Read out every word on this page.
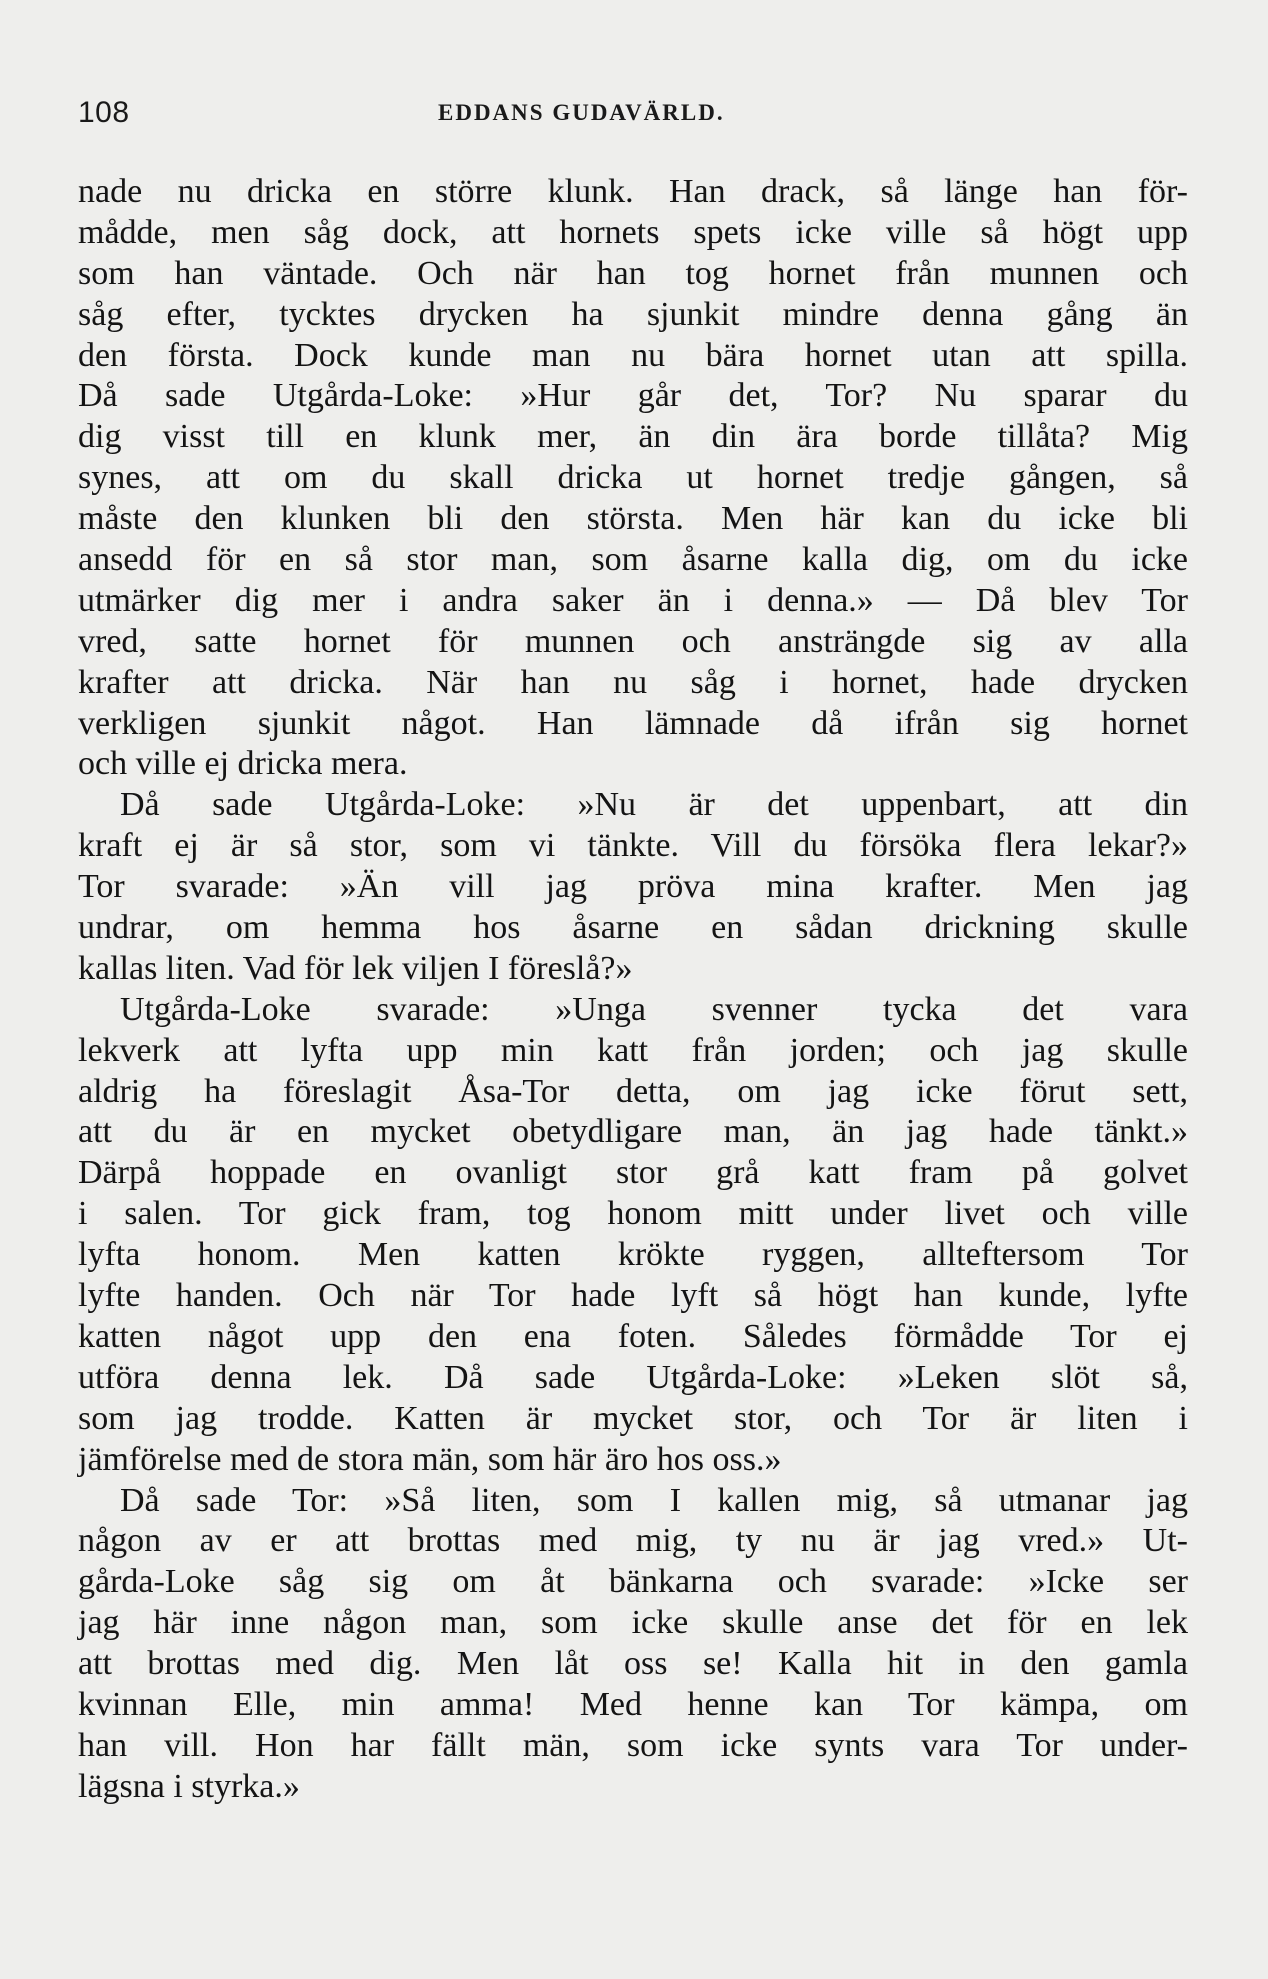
108	EDDANS GUDAVÄRLD.
nade nu dricka en större klunk. Han drack, så länge han för-
mådde, men såg dock, att hornets spets icke ville så högt upp
som han väntade. Och när han tog hornet från munnen och
såg efter, tycktes drycken ha sjunkit mindre denna gång än
den första. Dock kunde man nu bära hornet utan att spilla.
Då sade Utgårda-Loke: »Hur går det, Tor? Nu sparar du
dig visst till en klunk mer, än din ära borde tillåta? Mig
synes, att om du skall dricka ut hornet tredje gången, så
måste den klunken bli den största. Men här kan du icke bli
ansedd för en så stor man, som åsarne kalla dig, om du icke
utmärker dig mer i andra saker än i denna.» — Då blev Tor
vred, satte hornet för munnen och ansträngde sig av alla
krafter att dricka. När han nu såg i hornet, hade drycken
verkligen sjunkit något. Han lämnade då ifrån sig hornet
och ville ej dricka mera.
Då sade Utgårda-Loke: »Nu är det uppenbart, att din
kraft ej är så stor, som vi tänkte. Vill du försöka flera lekar?»
Tor svarade: »Än vill jag pröva mina krafter. Men jag
undrar, om hemma hos åsarne en sådan drickning skulle
kallas liten. Vad för lek viljen I föreslå?»
Utgårda-Loke svarade: »Unga svenner tycka det vara
lekverk att lyfta upp min katt från jorden; och jag skulle
aldrig ha föreslagit Åsa-Tor detta, om jag icke förut sett,
att du är en mycket obetydligare man, än jag hade tänkt.»
Därpå hoppade en ovanligt stor grå katt fram på golvet
i salen. Tor gick fram, tog honom mitt under livet och ville
lyfta honom. Men katten krökte ryggen, allteftersom Tor
lyfte handen. Och när Tor hade lyft så högt han kunde, lyfte
katten något upp den ena foten. Således förmådde Tor ej
utföra denna lek. Då sade Utgårda-Loke: »Leken slöt så,
som jag trodde. Katten är mycket stor, och Tor är liten i
jämförelse med de stora män, som här äro hos oss.»
Då sade Tor: »Så liten, som I kallen mig, så utmanar jag
någon av er att brottas med mig, ty nu är jag vred.» Ut-
gårda-Loke såg sig om åt bänkarna och svarade: »Icke ser
jag här inne någon man, som icke skulle anse det för en lek
att brottas med dig. Men låt oss se! Kalla hit in den gamla
kvinnan Elle, min amma! Med henne kan Tor kämpa, om
han vill. Hon har fällt män, som icke synts vara Tor under-
lägsna i styrka.»
